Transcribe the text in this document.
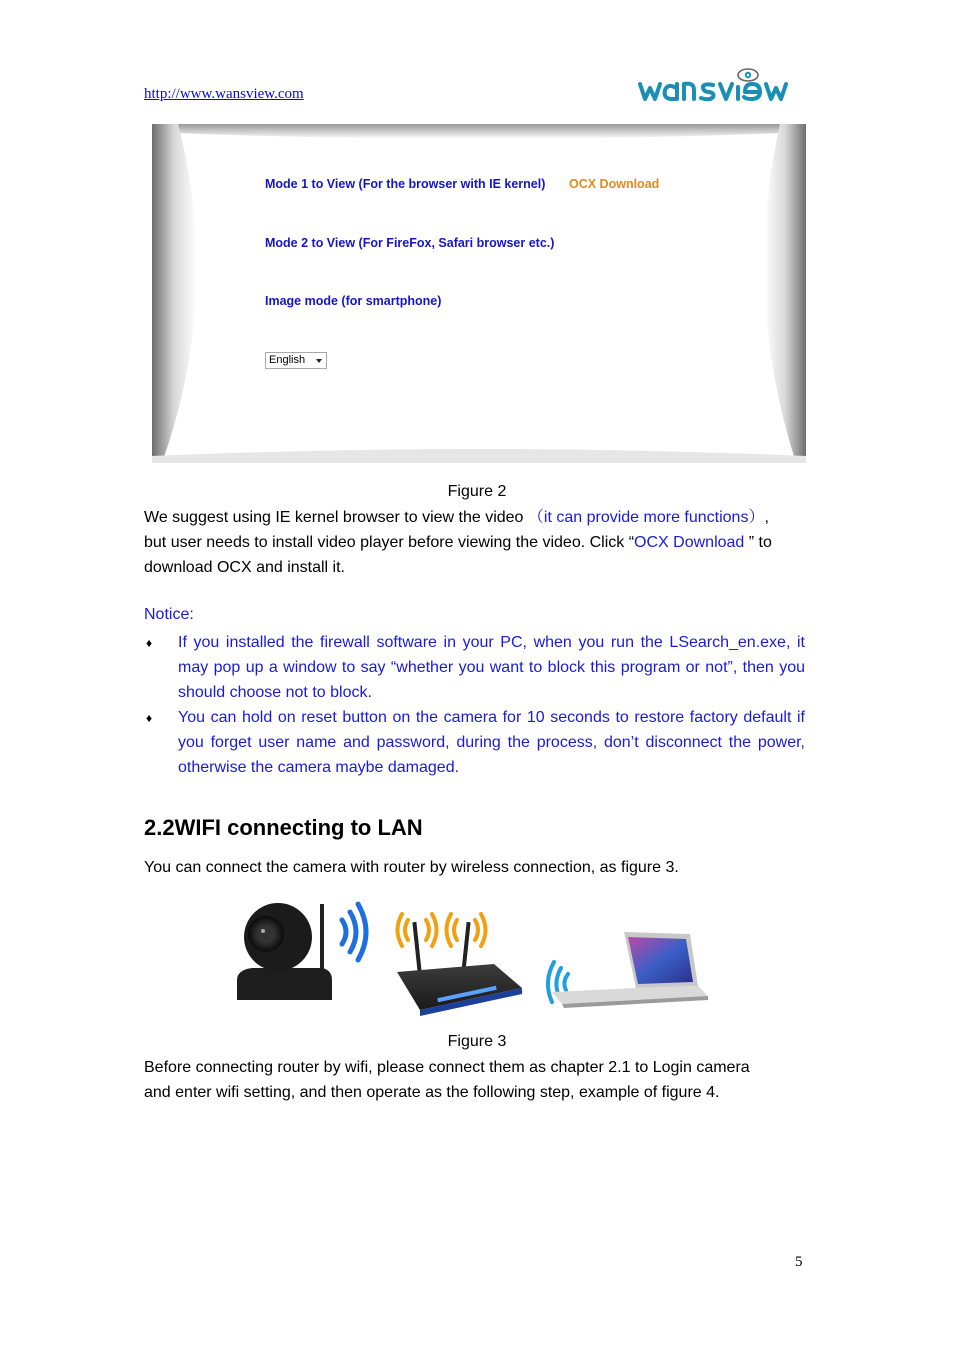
http://www.wansview.com
Mode 1 to View (For the browser with IE kernel) OCX Download
Mode 2 to View (For FireFox, Safari browser etc.)
Image mode (for smartphone)
English
Figure 2
We suggest using IE kernel browser to view the video （it can provide more functions）,
but user needs to install video player before viewing the video. Click “OCX Download ” to
download OCX and install it.
Notice:
♦ If you installed the firewall software in your PC, when you run the LSearch_en.exe, it may pop up a window to say “whether you want to block this program or not”, then you should choose not to block.
♦ You can hold on reset button on the camera for 10 seconds to restore factory default if you forget user name and password, during the process, don’t disconnect the power, otherwise the camera maybe damaged.
2.2WIFI connecting to LAN
You can connect the camera with router by wireless connection, as figure 3.
Figure 3
Before connecting router by wifi, please connect them as chapter 2.1 to Login camera
and enter wifi setting, and then operate as the following step, example of figure 4.
5
